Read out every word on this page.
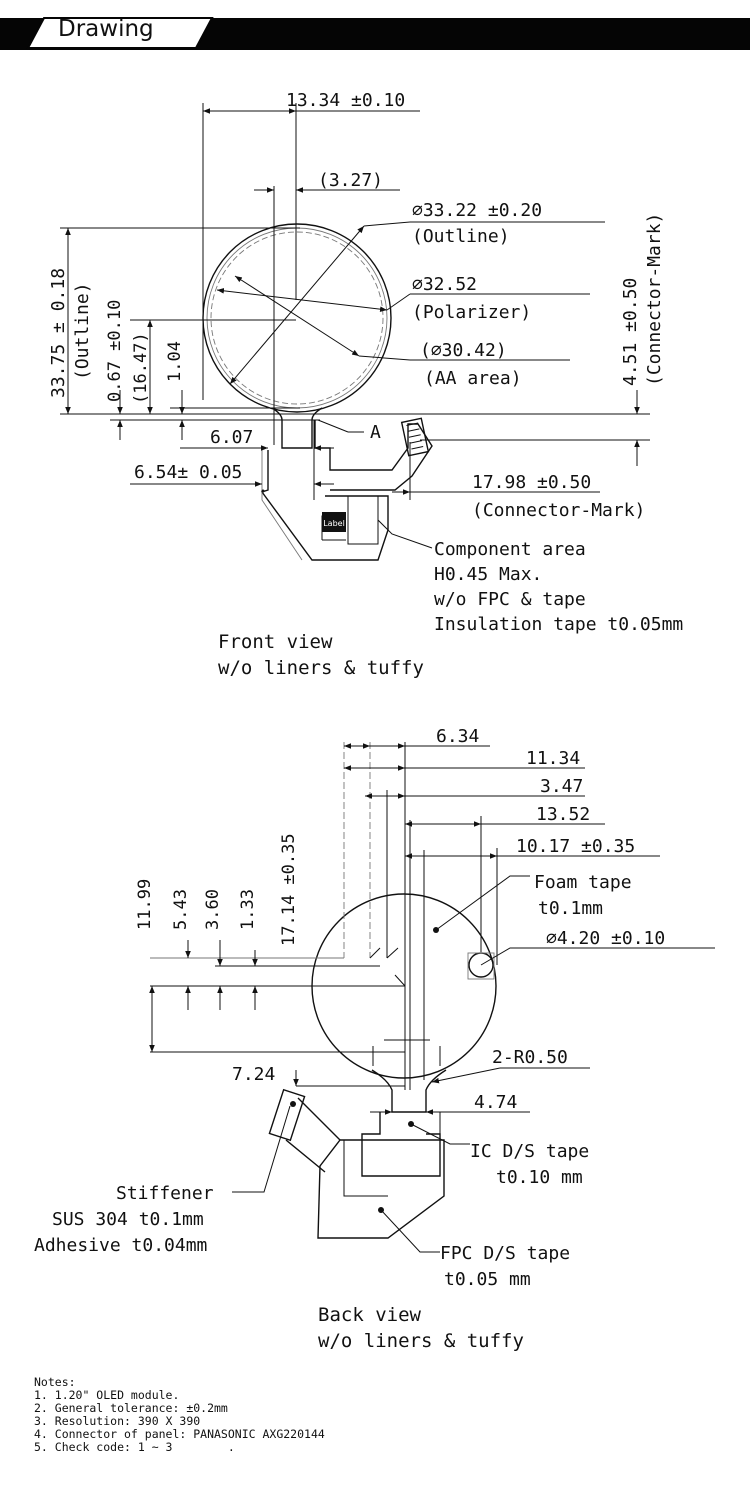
Drawing
Label
13.34 ±0.10
(3.27)
∅33.22 ±0.20
(Outline)
∅32.52
(Polarizer)
(∅30.42)
(AA area)	4.51 ±0.50 (Connector-Mark)
33.75 ± 0.18 (Outline) 0.67 ±0.10 (16.47) 1.04
A
6.07
6.54± 0.05	17.98 ±0.50
(Connector-Mark)
Component area
H0.45 Max.
w/o FPC & tape
Insulation tape t0.05mm
Front view
w/o liners & tuffy
6.34
11.34
3.47
13.52
10.17 ±0.35
11.99 5.43 3.60 1.33 17.14 ±0.35	Foam tape
t0.1mm
∅4.20 ±0.10
2-R0.50
7.24
4.74
IC D/S tape
t0.10 mm
Stiffener
SUS 304 t0.1mm
Adhesive t0.04mm	FPC D/S tape
t0.05 mm
Back view
w/o liners & tuffy
Notes:
1. 1.20" OLED module.
2. General tolerance: ±0.2mm
3. Resolution: 390 X 390
4. Connector of panel: PANASONIC AXG220144
5. Check code: 1 ~ 3        .
